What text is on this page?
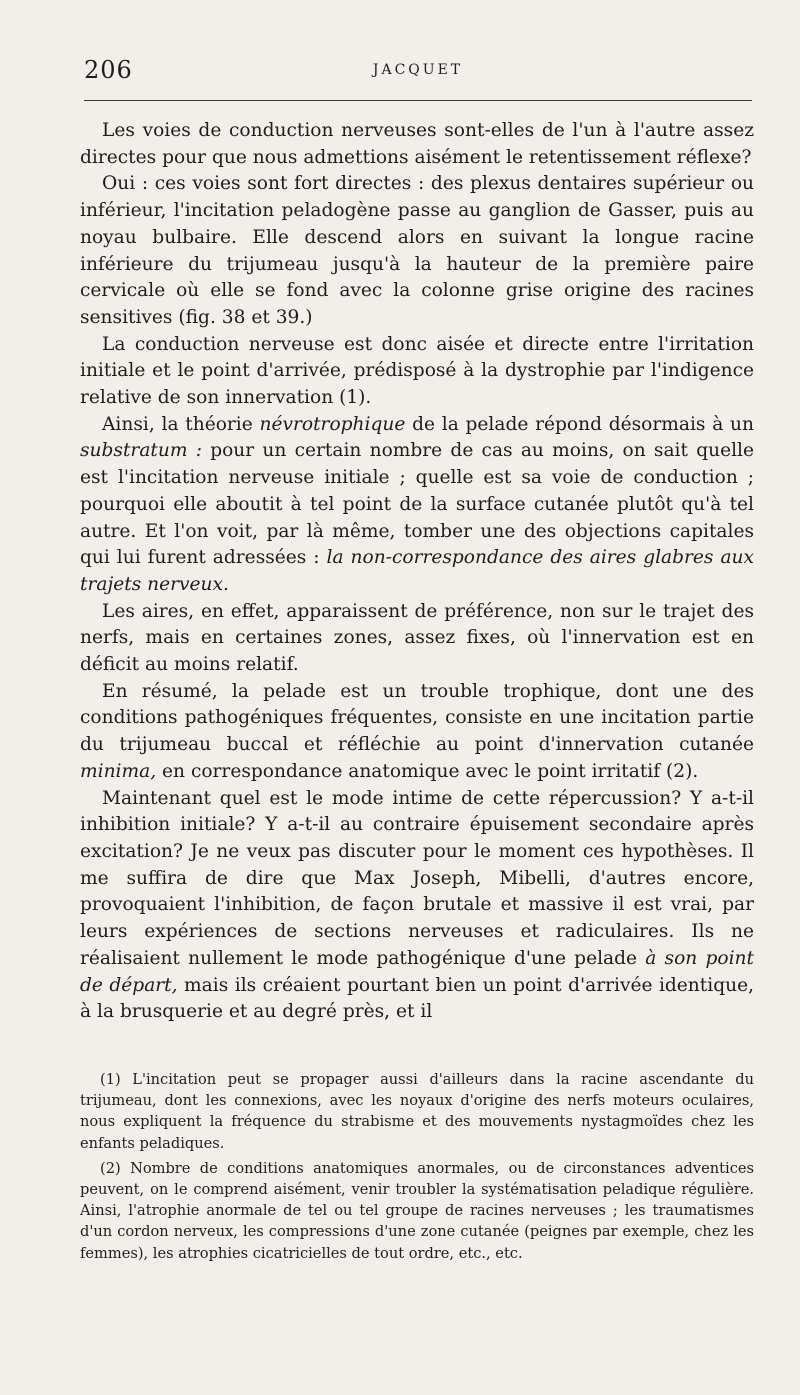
206	JACQUET

Les voies de conduction nerveuses sont-elles de l'un à l'autre assez directes pour que nous admettions aisément le retentissement réflexe?

Oui : ces voies sont fort directes : des plexus dentaires supérieur ou inférieur, l'incitation peladogène passe au ganglion de Gasser, puis au noyau bulbaire. Elle descend alors en suivant la longue racine inférieure du trijumeau jusqu'à la hauteur de la première paire cervicale où elle se fond avec la colonne grise origine des racines sensitives (fig. 38 et 39.)

La conduction nerveuse est donc aisée et directe entre l'irritation initiale et le point d'arrivée, prédisposé à la dystrophie par l'indigence relative de son innervation (1).

Ainsi, la théorie névrotrophique de la pelade répond désormais à un substratum : pour un certain nombre de cas au moins, on sait quelle est l'incitation nerveuse initiale ; quelle est sa voie de conduction ; pourquoi elle aboutit à tel point de la surface cutanée plutôt qu'à tel autre. Et l'on voit, par là même, tomber une des objections capitales qui lui furent adressées : la non-correspondance des aires glabres aux trajets nerveux.

Les aires, en effet, apparaissent de préférence, non sur le trajet des nerfs, mais en certaines zones, assez fixes, où l'innervation est en déficit au moins relatif.

En résumé, la pelade est un trouble trophique, dont une des conditions pathogéniques fréquentes, consiste en une incitation partie du trijumeau buccal et réfléchie au point d'innervation cutanée minima, en correspondance anatomique avec le point irritatif (2).

Maintenant quel est le mode intime de cette répercussion? Y a-t-il inhibition initiale? Y a-t-il au contraire épuisement secondaire après excitation? Je ne veux pas discuter pour le moment ces hypothèses. Il me suffira de dire que Max Joseph, Mibelli, d'autres encore, provoquaient l'inhibition, de façon brutale et massive il est vrai, par leurs expériences de sections nerveuses et radiculaires. Ils ne réalisaient nullement le mode pathogénique d'une pelade à son point de départ, mais ils créaient pourtant bien un point d'arrivée identique, à la brusquerie et au degré près, et il

(1) L'incitation peut se propager aussi d'ailleurs dans la racine ascendante du trijumeau, dont les connexions, avec les noyaux d'origine des nerfs moteurs oculaires, nous expliquent la fréquence du strabisme et des mouvements nystagmoïdes chez les enfants peladiques.

(2) Nombre de conditions anatomiques anormales, ou de circonstances adventices peuvent, on le comprend aisément, venir troubler la systématisation peladique régulière. Ainsi, l'atrophie anormale de tel ou tel groupe de racines nerveuses ; les traumatismes d'un cordon nerveux, les compressions d'une zone cutanée (peignes par exemple, chez les femmes), les atrophies cicatricielles de tout ordre, etc., etc.
